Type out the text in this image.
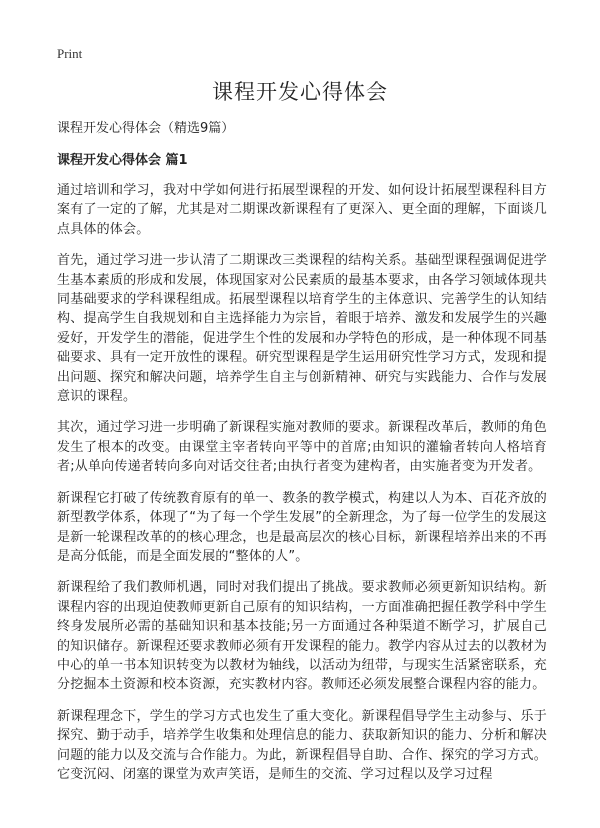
Print
课程开发心得体会
课程开发心得体会（精选9篇）
课程开发心得体会 篇1

通过培训和学习，我对中学如何进行拓展型课程的开发、如何设计拓展型课程科目方案有了一定的了解，尤其是对二期课改新课程有了更深入、更全面的理解，下面谈几点具体的体会。

首先，通过学习进一步认清了二期课改三类课程的结构关系。基础型课程强调促进学生基本素质的形成和发展，体现国家对公民素质的最基本要求，由各学习领域体现共同基础要求的学科课程组成。拓展型课程以培育学生的主体意识、完善学生的认知结构、提高学生自我规划和自主选择能力为宗旨，着眼于培养、激发和发展学生的兴趣爱好，开发学生的潜能，促进学生个性的发展和办学特色的形成，是一种体现不同基础要求、具有一定开放性的课程。研究型课程是学生运用研究性学习方式，发现和提出问题、探究和解决问题，培养学生自主与创新精神、研究与实践能力、合作与发展意识的课程。

其次，通过学习进一步明确了新课程实施对教师的要求。新课程改革后，教师的角色发生了根本的改变。由课堂主宰者转向平等中的首席;由知识的灌输者转向人格培育者;从单向传递者转向多向对话交往者;由执行者变为建构者，由实施者变为开发者。

新课程它打破了传统教育原有的单一、教条的教学模式，构建以人为本、百花齐放的新型教学体系，体现了“为了每一个学生发展”的全新理念，为了每一位学生的发展这是新一轮课程改革的的核心理念，也是最高层次的核心目标，新课程培养出来的不再是高分低能，而是全面发展的“整体的人”。

新课程给了我们教师机遇，同时对我们提出了挑战。要求教师必须更新知识结构。新课程内容的出现迫使教师更新自己原有的知识结构，一方面准确把握任教学科中学生终身发展所必需的基础知识和基本技能;另一方面通过各种渠道不断学习，扩展自己的知识储存。新课程还要求教师必须有开发课程的能力。教学内容从过去的以教材为中心的单一书本知识转变为以教材为轴线，以活动为纽带，与现实生活紧密联系，充分挖掘本土资源和校本资源，充实教材内容。教师还必须发展整合课程内容的能力。

新课程理念下，学生的学习方式也发生了重大变化。新课程倡导学生主动参与、乐于探究、勤于动手，培养学生收集和处理信息的能力、获取新知识的能力、分析和解决问题的能力以及交流与合作能力。为此，新课程倡导自助、合作、探究的学习方式。它变沉闷、闭塞的课堂为欢声笑语，是师生的交流、学习过程以及学习过程
